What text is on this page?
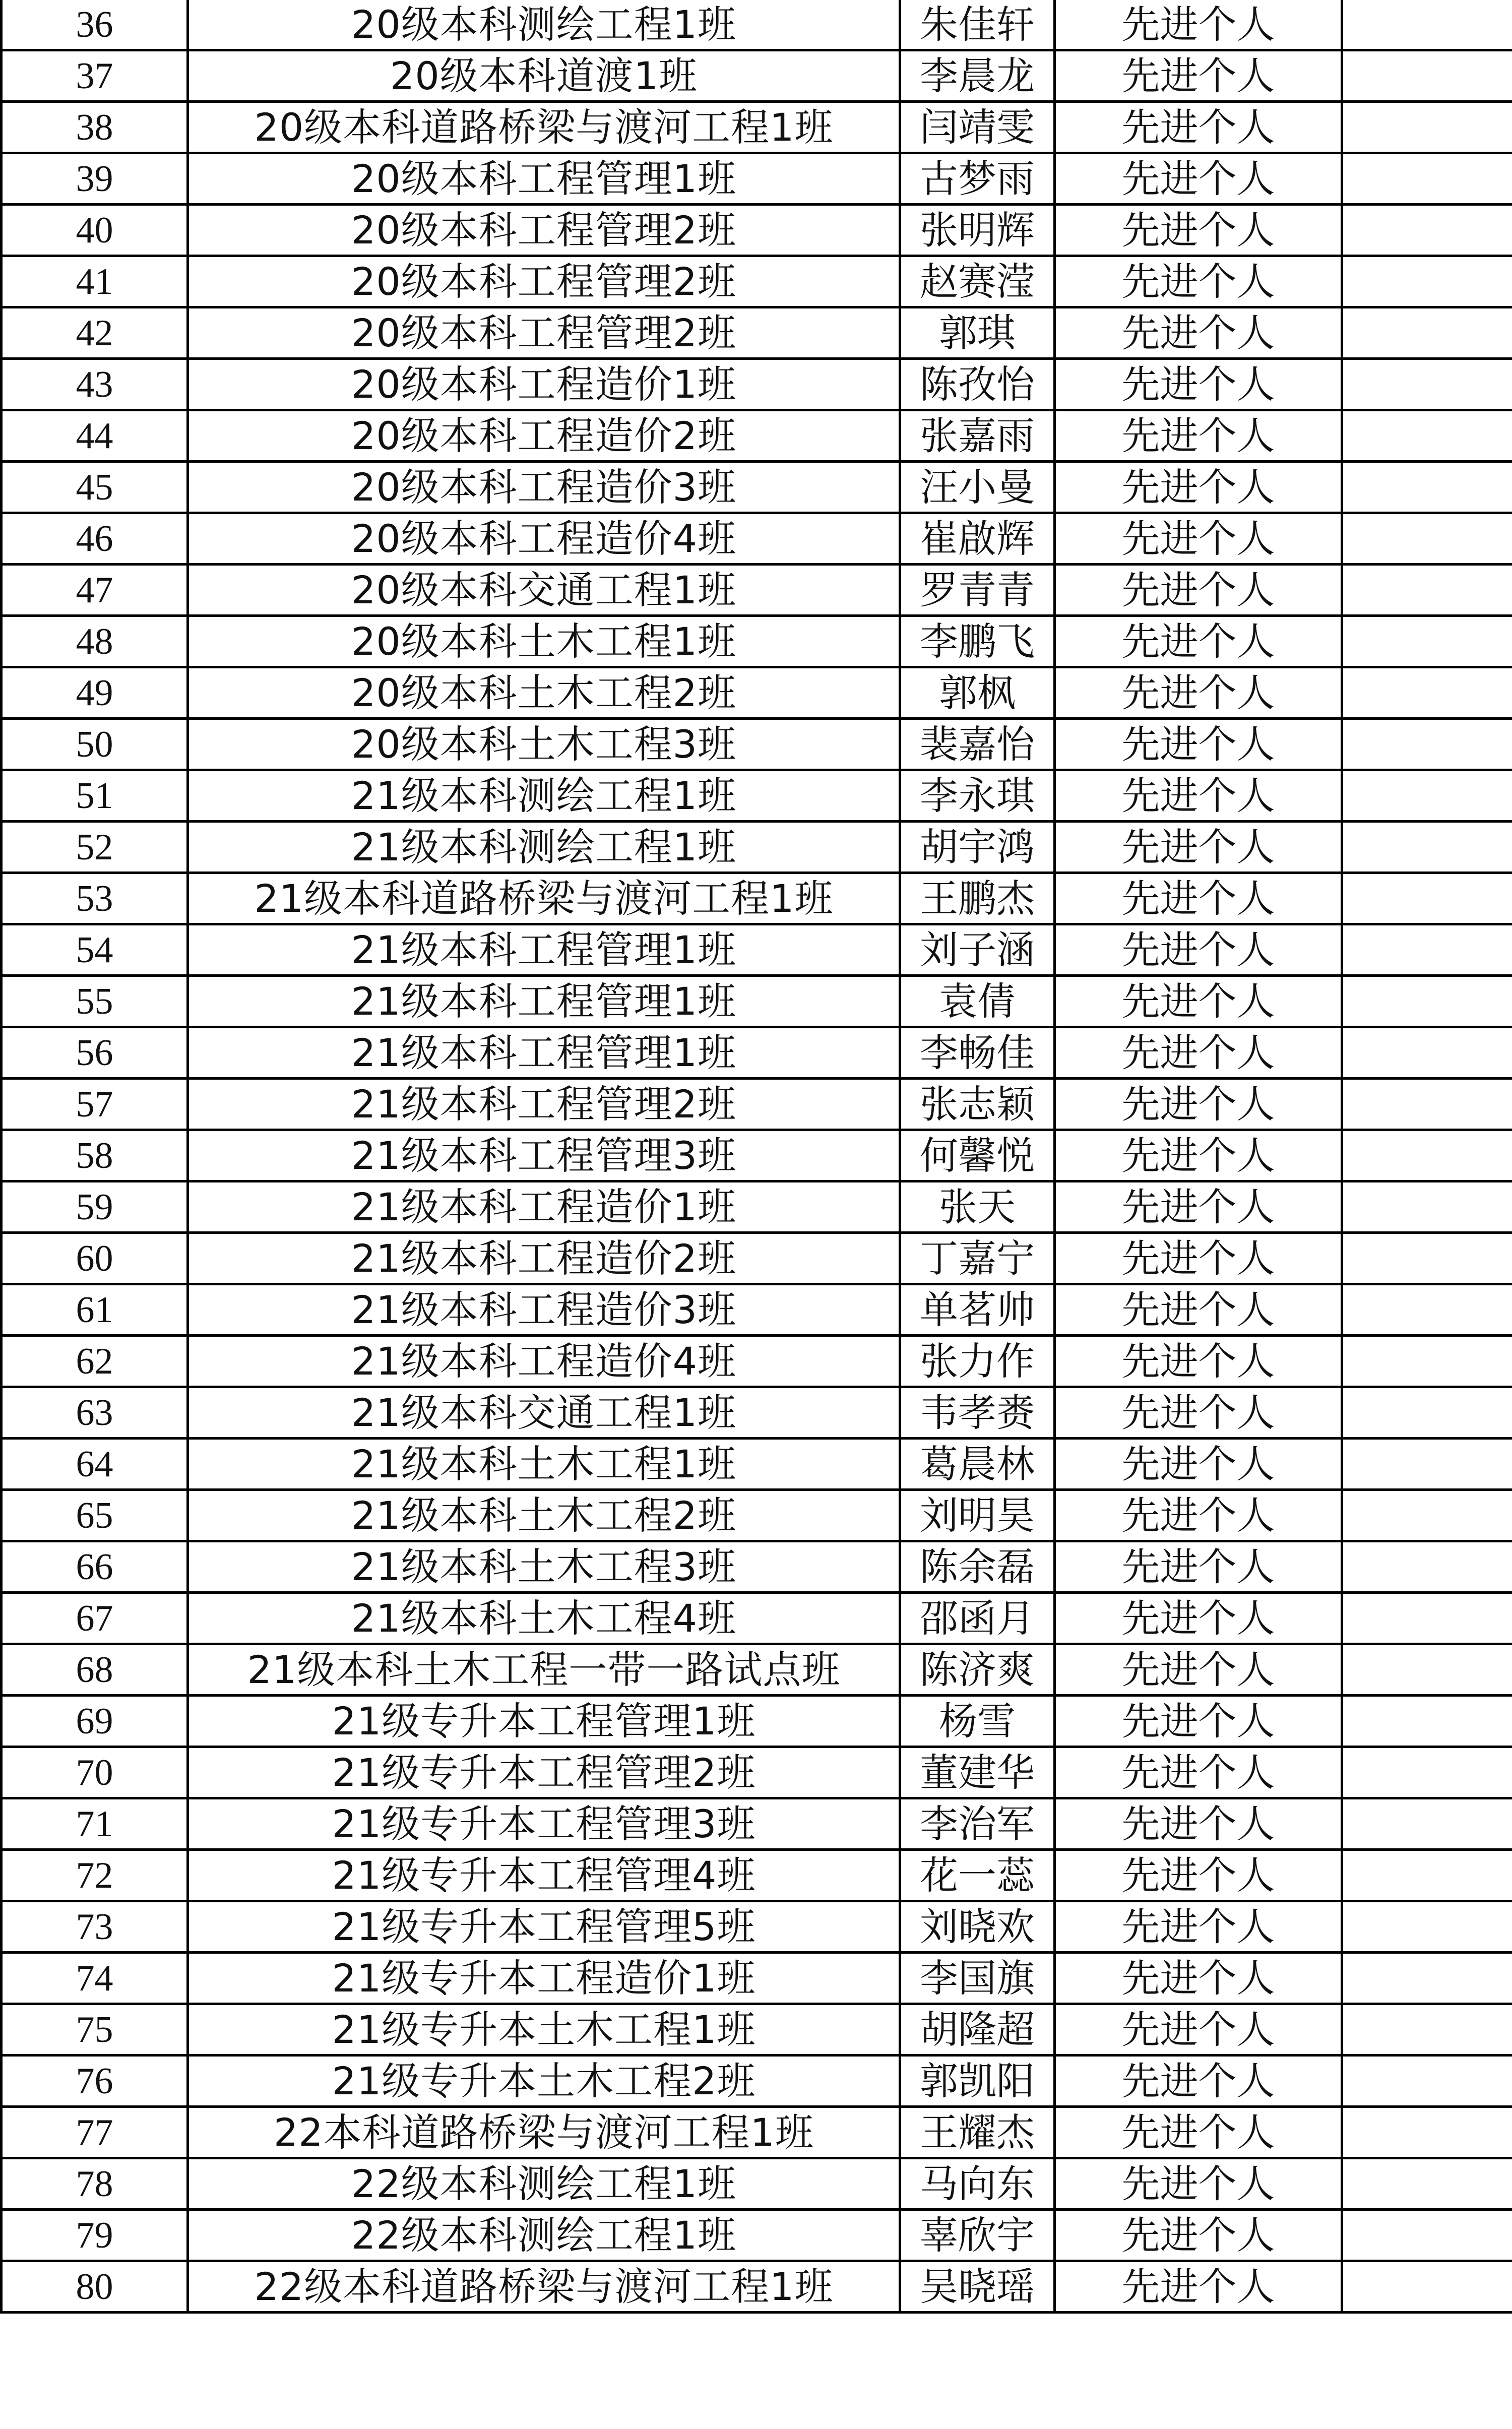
36	20级本科测绘工程1班	朱佳轩	先进个人	
37	20级本科道渡1班	李晨龙	先进个人	
38	20级本科道路桥梁与渡河工程1班	闫靖雯	先进个人	
39	20级本科工程管理1班	古梦雨	先进个人	
40	20级本科工程管理2班	张明辉	先进个人	
41	20级本科工程管理2班	赵赛滢	先进个人	
42	20级本科工程管理2班	郭琪	先进个人	
43	20级本科工程造价1班	陈孜怡	先进个人	
44	20级本科工程造价2班	张嘉雨	先进个人	
45	20级本科工程造价3班	汪小曼	先进个人	
46	20级本科工程造价4班	崔啟辉	先进个人	
47	20级本科交通工程1班	罗青青	先进个人	
48	20级本科土木工程1班	李鹏飞	先进个人	
49	20级本科土木工程2班	郭枫	先进个人	
50	20级本科土木工程3班	裴嘉怡	先进个人	
51	21级本科测绘工程1班	李永琪	先进个人	
52	21级本科测绘工程1班	胡宇鸿	先进个人	
53	21级本科道路桥梁与渡河工程1班	王鹏杰	先进个人	
54	21级本科工程管理1班	刘子涵	先进个人	
55	21级本科工程管理1班	袁倩	先进个人	
56	21级本科工程管理1班	李畅佳	先进个人	
57	21级本科工程管理2班	张志颖	先进个人	
58	21级本科工程管理3班	何馨悦	先进个人	
59	21级本科工程造价1班	张天	先进个人	
60	21级本科工程造价2班	丁嘉宁	先进个人	
61	21级本科工程造价3班	单茗帅	先进个人	
62	21级本科工程造价4班	张力作	先进个人	
63	21级本科交通工程1班	韦孝赉	先进个人	
64	21级本科土木工程1班	葛晨林	先进个人	
65	21级本科土木工程2班	刘明昊	先进个人	
66	21级本科土木工程3班	陈余磊	先进个人	
67	21级本科土木工程4班	邵函月	先进个人	
68	21级本科土木工程一带一路试点班	陈济爽	先进个人	
69	21级专升本工程管理1班	杨雪	先进个人	
70	21级专升本工程管理2班	董建华	先进个人	
71	21级专升本工程管理3班	李治军	先进个人	
72	21级专升本工程管理4班	花一蕊	先进个人	
73	21级专升本工程管理5班	刘晓欢	先进个人	
74	21级专升本工程造价1班	李国旗	先进个人	
75	21级专升本土木工程1班	胡隆超	先进个人	
76	21级专升本土木工程2班	郭凯阳	先进个人	
77	22本科道路桥梁与渡河工程1班	王耀杰	先进个人	
78	22级本科测绘工程1班	马向东	先进个人	
79	22级本科测绘工程1班	辜欣宇	先进个人	
80	22级本科道路桥梁与渡河工程1班	吴晓瑶	先进个人	
